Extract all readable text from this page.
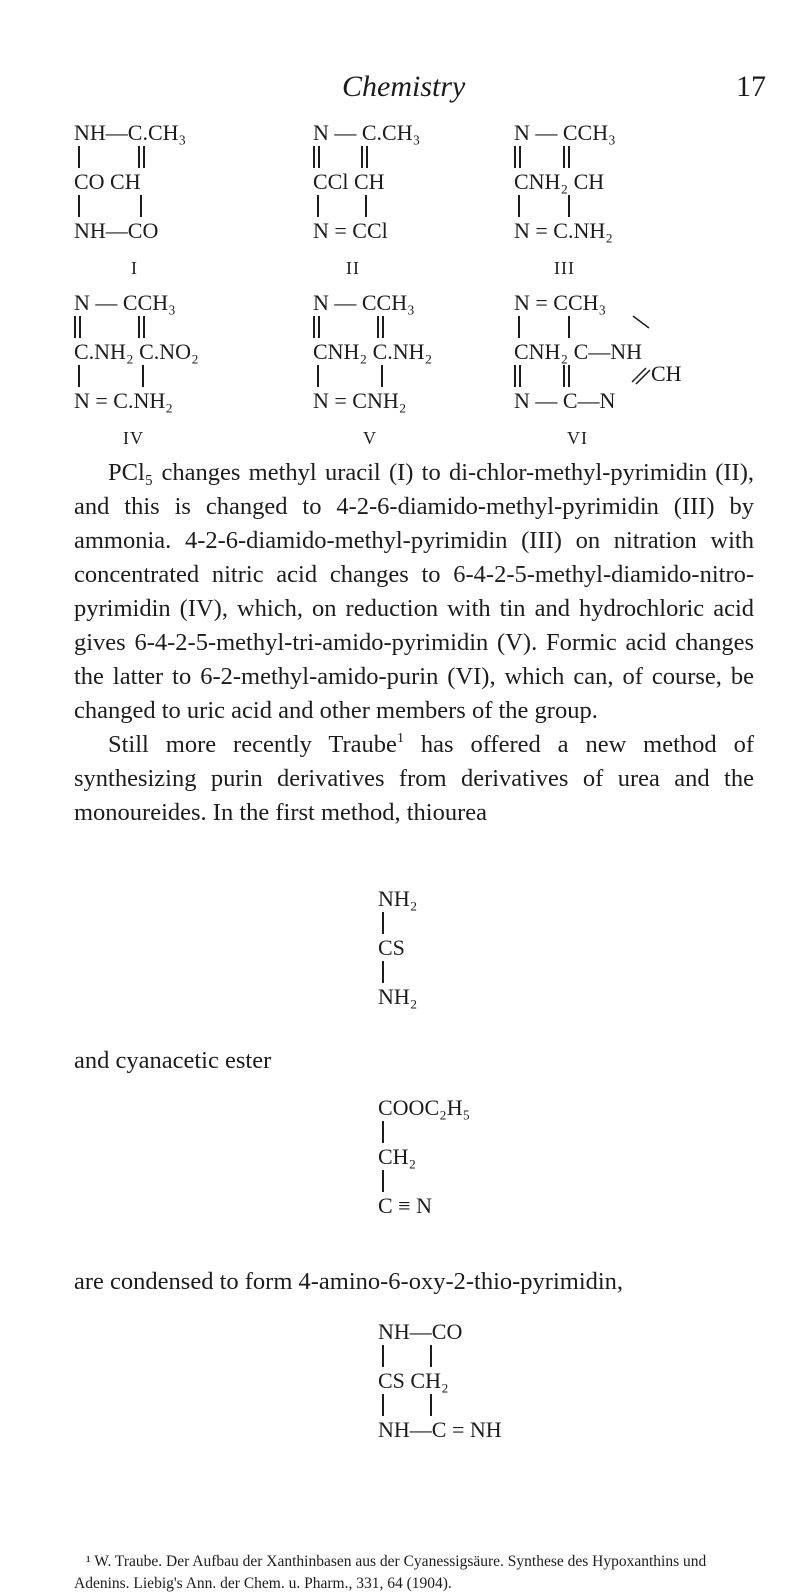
Chemistry	17
NH—C.CH₃
CO CH
NH—CO
I
N — C.CH₃
CCl CH
N = CCl
II
N — CCH₃
CNH₂ CH
N = C.NH₂
III
N — CCH₃
C.NH₂ C.NO₂
N = C.NH₂
IV
N — CCH₃
CNH₂ C.NH₂
N = CNH₂
V
N = CCH₃
CNH₂ C—NH
N — C—N
CH
VI

PCl₅ changes methyl uracil (I) to di-chlor-methyl-pyrimidin (II), and this is changed to 4-2-6-diamido-methyl-pyrimidin (III) by ammonia. 4-2-6-diamido-methyl-pyrimidin (III) on nitration with concentrated nitric acid changes to 6-4-2-5-methyl-diamido-nitro-pyrimidin (IV), which, on reduction with tin and hydrochloric acid gives 6-4-2-5-methyl-tri-amido-pyrimidin (V). Formic acid changes the latter to 6-2-methyl-amido-purin (VI), which can, of course, be changed to uric acid and other members of the group.

Still more recently Traube$^1$ has offered a new method of synthesizing purin derivatives from derivatives of urea and the monoureides. In the first method, thiourea

NH₂
CS
NH₂
and cyanacetic ester
COOC₂H₅
CH₂
C ≡ N
are condensed to form 4-amino-6-oxy-2-thio-pyrimidin,
NH—CO
CS CH₂
NH—C = NH
¹ W. Traube. Der Aufbau der Xanthinbasen aus der Cyanessigsäure. Synthese des Hypoxanthins und Adenins. Liebig's Ann. der Chem. u. Pharm., 331, 64 (1904).
